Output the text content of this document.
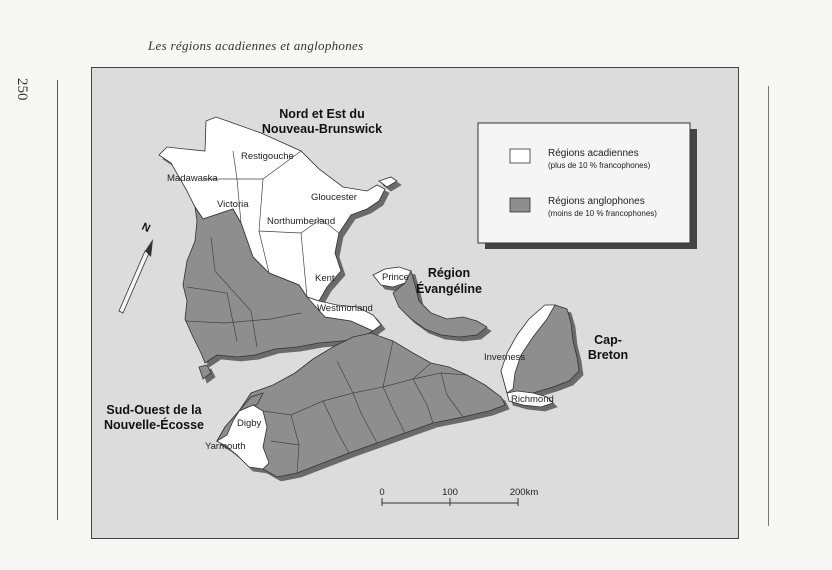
Les régions acadiennes et anglophones
250
Nord et Est du
Nouveau-Brunswick
Région
Évangéline
Cap-
Breton
Sud-Ouest de la
Nouvelle-Écosse
Madawaska
Restigouche
Victoria
Gloucester
Northumberland
Kent
Westmorland
Prince
Inverness
Richmond
Digby
Yarmouth
Régions acadiennes
(plus de 10 % francophones)
Régions anglophones
(moins de 10 % francophones)
N
0	100	200km
